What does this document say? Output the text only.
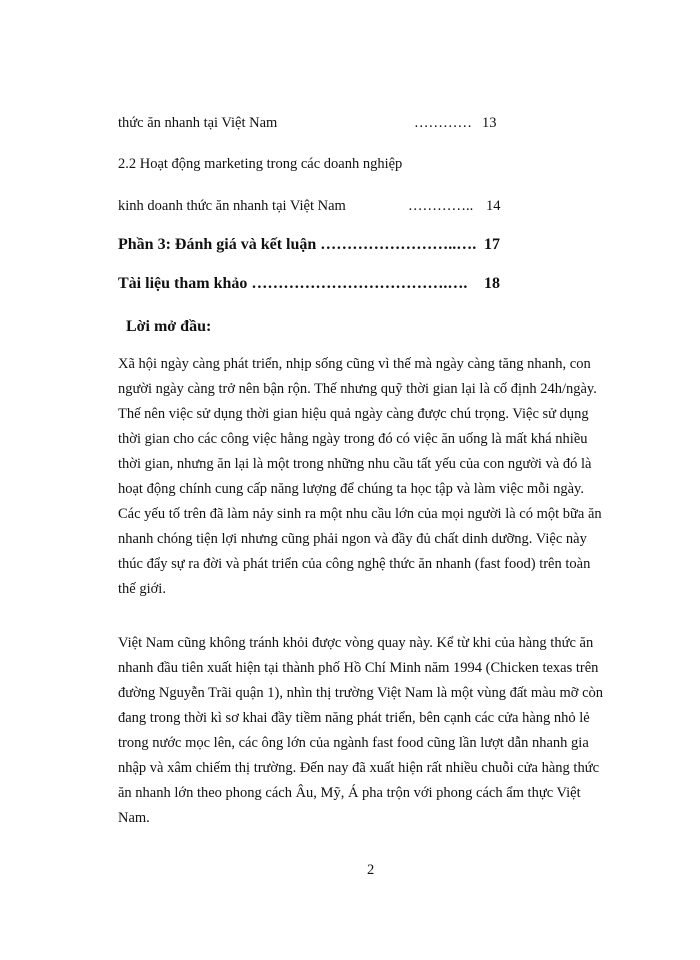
thức ăn nhanh tại Việt Nam	………… 13
2.2 Hoạt động marketing trong các doanh nghiệp
kinh doanh thức ăn nhanh tại Việt Nam	………….. 14
Phần 3: Đánh giá và kết luận ……………………..…. 17
Tài liệu tham khảo ……………………………….…. 18
Lời mở đầu:
Xã hội ngày càng phát triển, nhịp sống cũng vì thế mà ngày càng tăng nhanh, con
người ngày càng trở nên bận rộn. Thế nhưng quỹ thời gian lại là cố định 24h/ngày.
Thế nên việc sử dụng thời gian hiệu quả ngày càng được chú trọng. Việc sử dụng
thời gian cho các công việc hằng ngày trong đó có việc ăn uống là mất khá nhiều
thời gian, nhưng ăn lại là một trong những nhu cầu tất yếu của con người và đó là
hoạt động chính cung cấp năng lượng để chúng ta học tập và làm việc mỗi ngày.
Các yếu tố trên đã làm nảy sinh ra một nhu cầu lớn của mọi người là có một bữa ăn
nhanh chóng tiện lợi nhưng cũng phải ngon và đầy đủ chất dinh dưỡng. Việc này
thúc đẩy sự ra đời và phát triển của công nghệ thức ăn nhanh (fast food) trên toàn
thế giới.
Việt Nam cũng không tránh khỏi được vòng quay này. Kể từ khi của hàng thức ăn
nhanh đầu tiên xuất hiện tại thành phố Hồ Chí Minh năm 1994 (Chicken texas trên
đường Nguyễn Trãi quận 1), nhìn thị trường Việt Nam là một vùng đất màu mỡ còn
đang trong thời kì sơ khai đầy tiềm năng phát triển, bên cạnh các cửa hàng nhỏ lẻ
trong nước mọc lên, các ông lớn của ngành fast food cũng lần lượt dẫn nhanh gia
nhập và xâm chiếm thị trường. Đến nay đã xuất hiện rất nhiều chuỗi cửa hàng thức
ăn nhanh lớn theo phong cách Âu, Mỹ, Á pha trộn với phong cách ẩm thực Việt
Nam.
2
